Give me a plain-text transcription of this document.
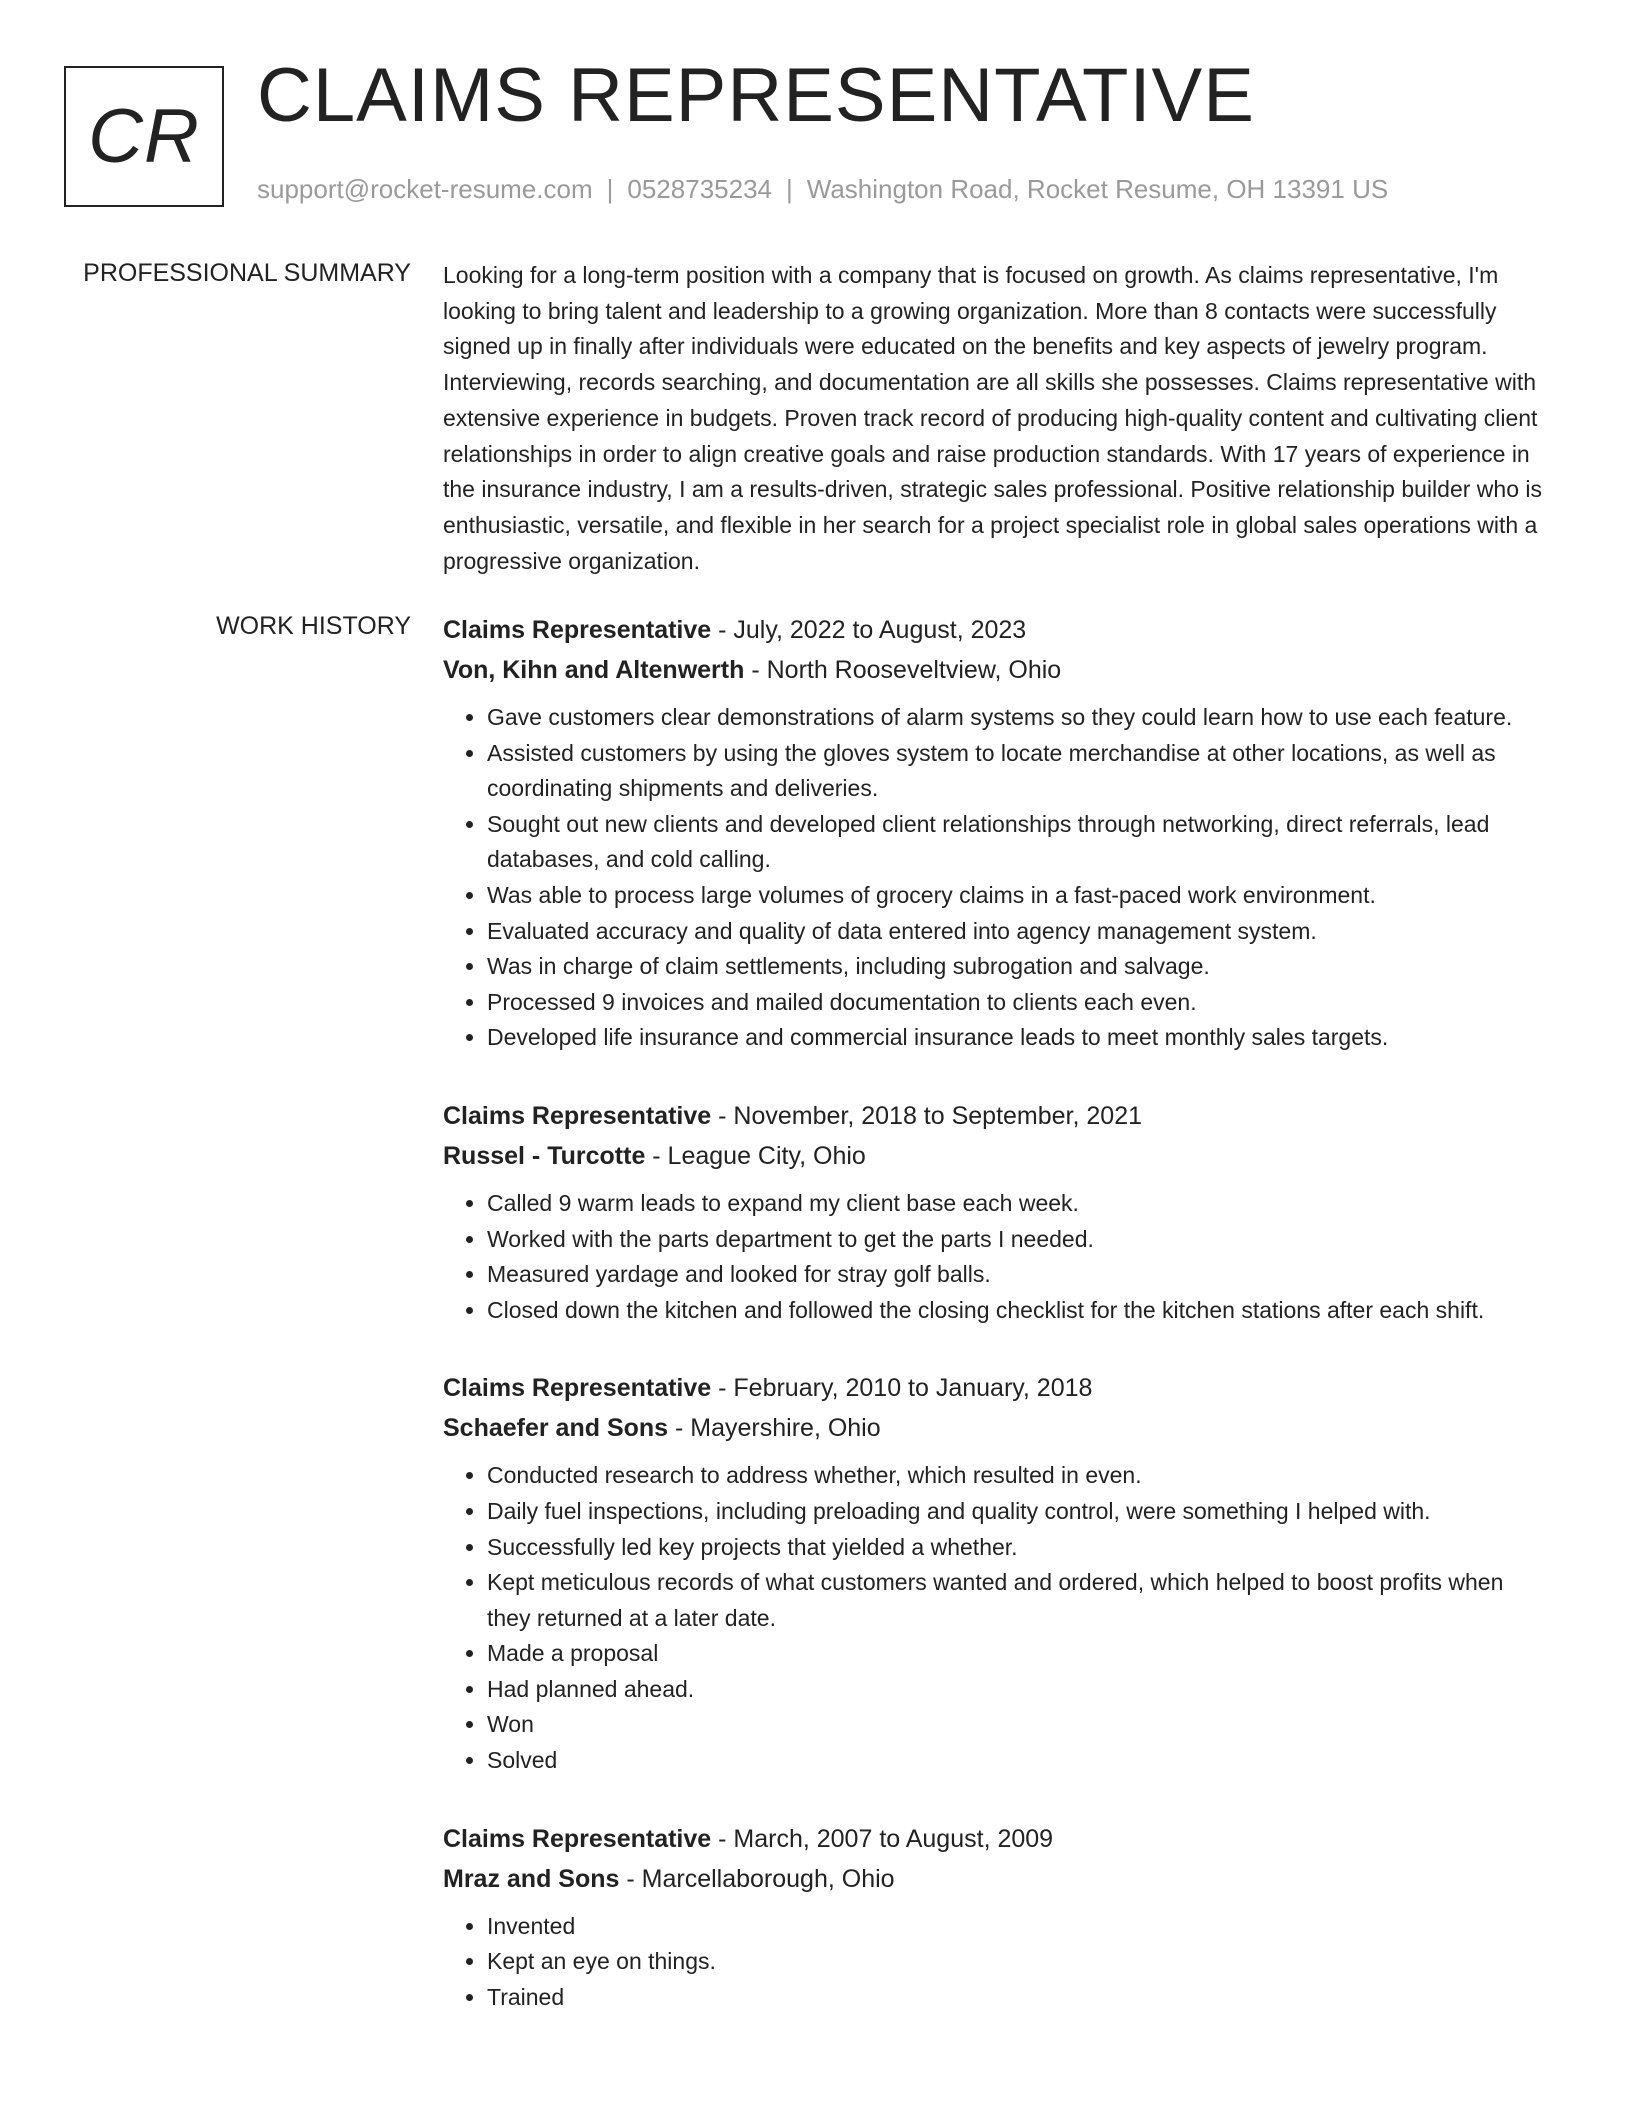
CR CLAIMS REPRESENTATIVE
support@rocket-resume.com | 0528735234 | Washington Road, Rocket Resume, OH 13391 US
PROFESSIONAL SUMMARY Looking for a long-term position with a company that is focused on growth. As claims representative, I'm looking to bring talent and leadership to a growing organization. More than 8 contacts were successfully signed up in finally after individuals were educated on the benefits and key aspects of jewelry program. Interviewing, records searching, and documentation are all skills she possesses. Claims representative with extensive experience in budgets. Proven track record of producing high-quality content and cultivating client relationships in order to align creative goals and raise production standards. With 17 years of experience in the insurance industry, I am a results-driven, strategic sales professional. Positive relationship builder who is enthusiastic, versatile, and flexible in her search for a project specialist role in global sales operations with a progressive organization.
WORK HISTORY Claims Representative - July, 2022 to August, 2023
Von, Kihn and Altenwerth - North Rooseveltview, Ohio
• Gave customers clear demonstrations of alarm systems so they could learn how to use each feature.
• Assisted customers by using the gloves system to locate merchandise at other locations, as well as coordinating shipments and deliveries.
• Sought out new clients and developed client relationships through networking, direct referrals, lead databases, and cold calling.
• Was able to process large volumes of grocery claims in a fast-paced work environment.
• Evaluated accuracy and quality of data entered into agency management system.
• Was in charge of claim settlements, including subrogation and salvage.
• Processed 9 invoices and mailed documentation to clients each even.
• Developed life insurance and commercial insurance leads to meet monthly sales targets.
Claims Representative - November, 2018 to September, 2021
Russel - Turcotte - League City, Ohio
• Called 9 warm leads to expand my client base each week.
• Worked with the parts department to get the parts I needed.
• Measured yardage and looked for stray golf balls.
• Closed down the kitchen and followed the closing checklist for the kitchen stations after each shift.
Claims Representative - February, 2010 to January, 2018
Schaefer and Sons - Mayershire, Ohio
• Conducted research to address whether, which resulted in even.
• Daily fuel inspections, including preloading and quality control, were something I helped with.
• Successfully led key projects that yielded a whether.
• Kept meticulous records of what customers wanted and ordered, which helped to boost profits when they returned at a later date.
• Made a proposal
• Had planned ahead.
• Won
• Solved
Claims Representative - March, 2007 to August, 2009
Mraz and Sons - Marcellaborough, Ohio
• Invented
• Kept an eye on things.
• Trained
